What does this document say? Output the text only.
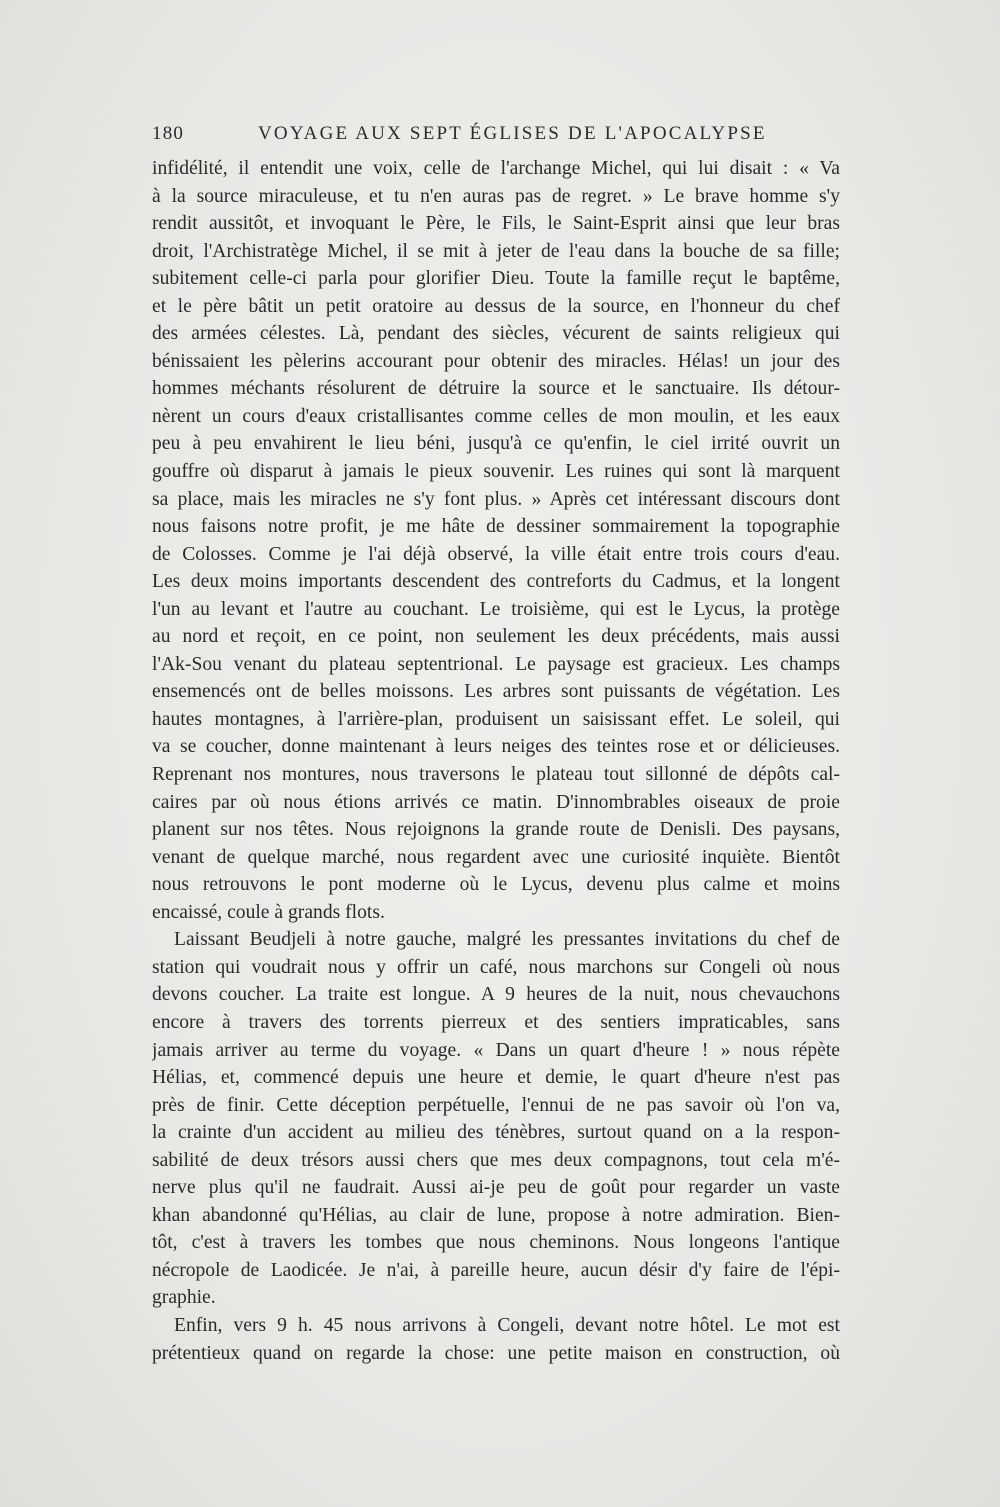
180	VOYAGE AUX SEPT ÉGLISES DE L'APOCALYPSE
infidélité, il entendit une voix, celle de l'archange Michel, qui lui disait : « Va
à la source miraculeuse, et tu n'en auras pas de regret. » Le brave homme s'y
rendit aussitôt, et invoquant le Père, le Fils, le Saint-Esprit ainsi que leur bras
droit, l'Archistratège Michel, il se mit à jeter de l'eau dans la bouche de sa fille;
subitement celle-ci parla pour glorifier Dieu. Toute la famille reçut le baptême,
et le père bâtit un petit oratoire au dessus de la source, en l'honneur du chef
des armées célestes. Là, pendant des siècles, vécurent de saints religieux qui
bénissaient les pèlerins accourant pour obtenir des miracles. Hélas! un jour des
hommes méchants résolurent de détruire la source et le sanctuaire. Ils détour-
nèrent un cours d'eaux cristallisantes comme celles de mon moulin, et les eaux
peu à peu envahirent le lieu béni, jusqu'à ce qu'enfin, le ciel irrité ouvrit un
gouffre où disparut à jamais le pieux souvenir. Les ruines qui sont là marquent
sa place, mais les miracles ne s'y font plus. » Après cet intéressant discours dont
nous faisons notre profit, je me hâte de dessiner sommairement la topographie
de Colosses. Comme je l'ai déjà observé, la ville était entre trois cours d'eau.
Les deux moins importants descendent des contreforts du Cadmus, et la longent
l'un au levant et l'autre au couchant. Le troisième, qui est le Lycus, la protège
au nord et reçoit, en ce point, non seulement les deux précédents, mais aussi
l'Ak-Sou venant du plateau septentrional. Le paysage est gracieux. Les champs
ensemencés ont de belles moissons. Les arbres sont puissants de végétation. Les
hautes montagnes, à l'arrière-plan, produisent un saisissant effet. Le soleil, qui
va se coucher, donne maintenant à leurs neiges des teintes rose et or délicieuses.
Reprenant nos montures, nous traversons le plateau tout sillonné de dépôts cal-
caires par où nous étions arrivés ce matin. D'innombrables oiseaux de proie
planent sur nos têtes. Nous rejoignons la grande route de Denisli. Des paysans,
venant de quelque marché, nous regardent avec une curiosité inquiète. Bientôt
nous retrouvons le pont moderne où le Lycus, devenu plus calme et moins
encaissé, coule à grands flots.
Laissant Beudjeli à notre gauche, malgré les pressantes invitations du chef de
station qui voudrait nous y offrir un café, nous marchons sur Congeli où nous
devons coucher. La traite est longue. A 9 heures de la nuit, nous chevauchons
encore à travers des torrents pierreux et des sentiers impraticables, sans
jamais arriver au terme du voyage. « Dans un quart d'heure ! » nous répète
Hélias, et, commencé depuis une heure et demie, le quart d'heure n'est pas
près de finir. Cette déception perpétuelle, l'ennui de ne pas savoir où l'on va,
la crainte d'un accident au milieu des ténèbres, surtout quand on a la respon-
sabilité de deux trésors aussi chers que mes deux compagnons, tout cela m'é-
nerve plus qu'il ne faudrait. Aussi ai-je peu de goût pour regarder un vaste
khan abandonné qu'Hélias, au clair de lune, propose à notre admiration. Bien-
tôt, c'est à travers les tombes que nous cheminons. Nous longeons l'antique
nécropole de Laodicée. Je n'ai, à pareille heure, aucun désir d'y faire de l'épi-
graphie.
Enfin, vers 9 h. 45 nous arrivons à Congeli, devant notre hôtel. Le mot est
prétentieux quand on regarde la chose: une petite maison en construction, où
